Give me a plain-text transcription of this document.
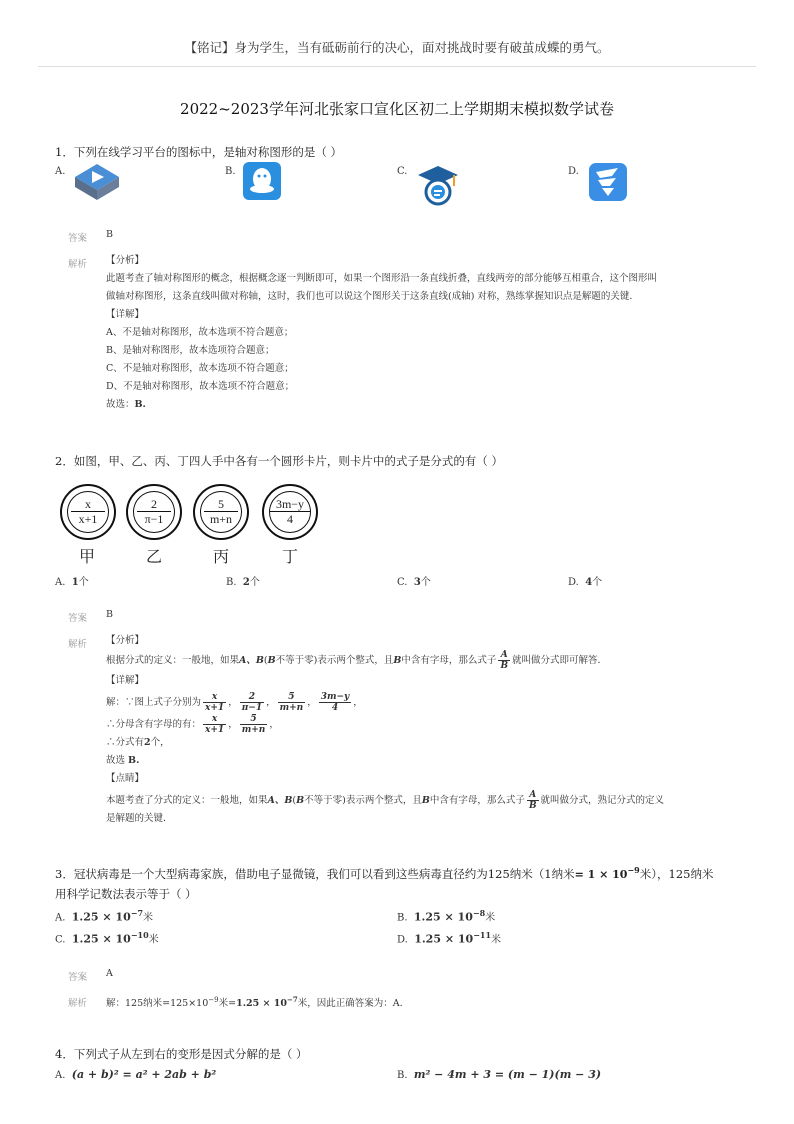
【铭记】身为学生，当有砥砺前行的决心，面对挑战时要有破茧成蝶的勇气。
2022~2023学年河北张家口宣化区初二上学期期末模拟数学试卷
1．下列在线学习平台的图标中，是轴对称图形的是（ ）
A.	B.	C.	D.
答案 B
解析 【分析】
此题考查了轴对称图形的概念，根据概念逐一判断即可，如果一个图形沿一条直线折叠，直线两旁的部分能够互相重合，这个图形叫
做轴对称图形，这条直线叫做对称轴，这时，我们也可以说这个图形关于这条直线(成轴) 对称，熟练掌握知识点是解题的关键．
【详解】
A、不是轴对称图形，故本选项不符合题意；
B、是轴对称图形，故本选项符合题意；
C、不是轴对称图形，故本选项不符合题意；
D、不是轴对称图形，故本选项不符合题意；
故选：B.
2．如图，甲、乙、丙、丁四人手中各有一个圆形卡片，则卡片中的式子是分式的有（ ）
$\frac{x}{x+1} \frac{2}{\pi-1} \frac{5}{m+n} \frac{3m-y}{4}$
甲	乙	丙	丁
A. 1个	B. 2个	C. 3个	D. 4个
答案 B
解析 【分析】
根据分式的定义：一般地，如果A、B(B不等于零)表示两个整式，且B中含有字母，那么式子 $\frac{A}{B}$ 就叫做分式即可解答．
【详解】
解：∵图上式子分别为 $\frac{x}{x+1}$ ， $\frac{2}{\pi-1}$ ， $\frac{5}{m+n}$ ， $\frac{3m-y}{4}$ ，
∴分母含有字母的有： $\frac{x}{x+1}$ ， $\frac{5}{m+n}$ ，
∴分式有2个，
故选 B.
【点睛】
本题考查了分式的定义：一般地，如果A、B(B不等于零)表示两个整式，且B中含有字母，那么式子 $\frac{A}{B}$ 就叫做分式，熟记分式的定义
是解题的关键．
3．冠状病毒是一个大型病毒家族，借助电子显微镜，我们可以看到这些病毒直径约为125纳米（1纳米= $1 \times 10^{-9}$米），125纳米
用科学记数法表示等于（ ）
A. $1.25 \times 10^{-7}$米	B. $1.25 \times 10^{-8}$米
C. $1.25 \times 10^{-10}$米	D. $1.25 \times 10^{-11}$米
答案 A
解析 解：125纳米$=125\times 10^{-9}$米$=1.25 \times 10^{-7}$米，因此正确答案为：A.
4．下列式子从左到右的变形是因式分解的是（ ）
A. (a + b)² = a² + 2ab + b²	B. m² − 4m + 3 = (m − 1)(m − 3)
